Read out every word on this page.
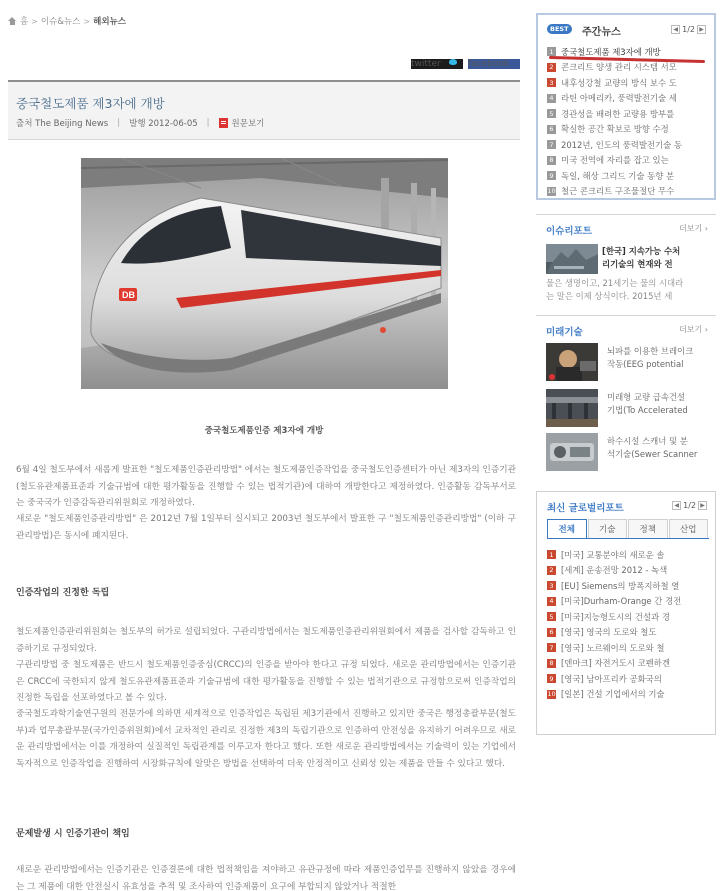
홈 > 이슈&뉴스 > 해외뉴스
twitter	facebook
중국철도제품 제3자에 개방
출처 The Beijing News | 발행 2012-06-05 |	원문보기
DB
중국철도제품인증 제3자에 개방

6월 4일 철도부에서 새롭게 발표한 "철도제품인증관리방법" 에서는 철도제품인증작업을 중국철도인증센터가 아닌 제3자의 인증기관(철도유관제품표준과 기술규범에 대한 평가활동을 진행할 수 있는 법적기관)에 대하여 개방한다고 제정하였다. 인증활동 감독부서로는 중국국가 인증감독관리위원회로 개정하였다.

새로운 "철도제품인증관리방법" 은 2012년 7월 1일부터 실시되고 2003년 철도부에서 발표한 구 "철도제품인증관리방법" (이하 구관리방법)은 동시에 폐지된다.

인증작업의 진정한 독립

철도제품인증관리위원회는 철도부의 허가로 설립되었다. 구관리방법에서는 철도제품인증관리위원회에서 제품을 검사할 감독하고 인증하기로 규정되었다.

구관리방법 중 철도제품은 반드시 철도제품인증중심(CRCC)의 인증을 받아야 한다고 규정 되었다. 새로운 관리방법에서는 인증기관은 CRCC에 국한되지 않게 철도유관제품표준과 기술규범에 대한 평가활동을 진행할 수 있는 법적기관으로 규정함으로써 인증작업의 진정한 독립을 선포하였다고 볼 수 있다.

중국철도과학기술연구원의 전문가에 의하면 세계적으로 인증작업은 독립된 제3기관에서 진행하고 있지만 중국은 행정총괄부문(철도부)과 업무총괄부문(국가인증위원회)에서 교차적인 관리로 진정한 제3의 독립기관으로 인증하여 안전성을 유지하기 어려우므로 새로운 관리방법에서는 이를 개정하여 실질적인 독립관계를 이루고자 한다고 했다. 또한 새로운 관리방법에서는 기술력이 있는 기업에서 독자적으로 인증작업을 진행하여 시장화규칙에 알맞은 방법을 선택하여 더욱 안정적이고 신뢰성 있는 제품을 만들 수 있다고 했다.

문제발생 시 인증기관이 책임

새로운 관리방법에서는 인증기관은 인증결론에 대한 법적책임을 져야하고 유관규정에 따라 제품인증업무를 진행하지 않았을 경우에는 그 제품에 대한 안전실시 유효성을 추적 및 조사하여 인증제품이 요구에 부합되지 않았거나 적절한

BEST	주간뉴스	◀ 1/2 ▶
1 중국철도제품 제3자에 개방
2 콘크리트 양생 관리 시스템 서모
3 내후성강철 교량의 방식 보수 도
4 라틴 아메리카, 풍력발전기술 세
5 경관성을 배려한 교량용 방부를
6 확실한 공간 확보로 방향 수정
7 2012년, 인도의 풍력발전기술 동
8 미국 전역에 자리를 잡고 있는
9 독일, 해상 그리드 기술 동향 분
10 철근 콘크리트 구조물절단 무수
이슈리포트	더보기 ›
[한국] 지속가능 수처
리기술의 현재와 전
물은 생명이고, 21세기는 물의 시대라
는 말은 이제 상식이다. 2015년 세
미래기술	더보기 ›
뇌파를 이용한 브레이크
작동(EEG potential
미래형 교량 급속건설
기법(To Accelerated
하수시설 스캐너 및 분
석기술(Sewer Scanner
최신 글로벌리포트	◀ 1/2 ▶
전체	기술	정책	산업
1 [미국] 교통분야의 새로운 솔
2 [세계] 운송전망 2012 - 녹색
3 [EU] Siemens의 방폭지하철 열
4 [미국]Durham-Orange 간 경전
5 [미국]지능형도시의 건설과 경
6 [영국] 영국의 도로와 철도
7 [영국] 노르웨이의 도로와 철
8 [덴마크] 자전거도시 코펜하겐
9 [영국] 남아프리카 공화국의
10 [일본] 건설 기업에서의 기술
